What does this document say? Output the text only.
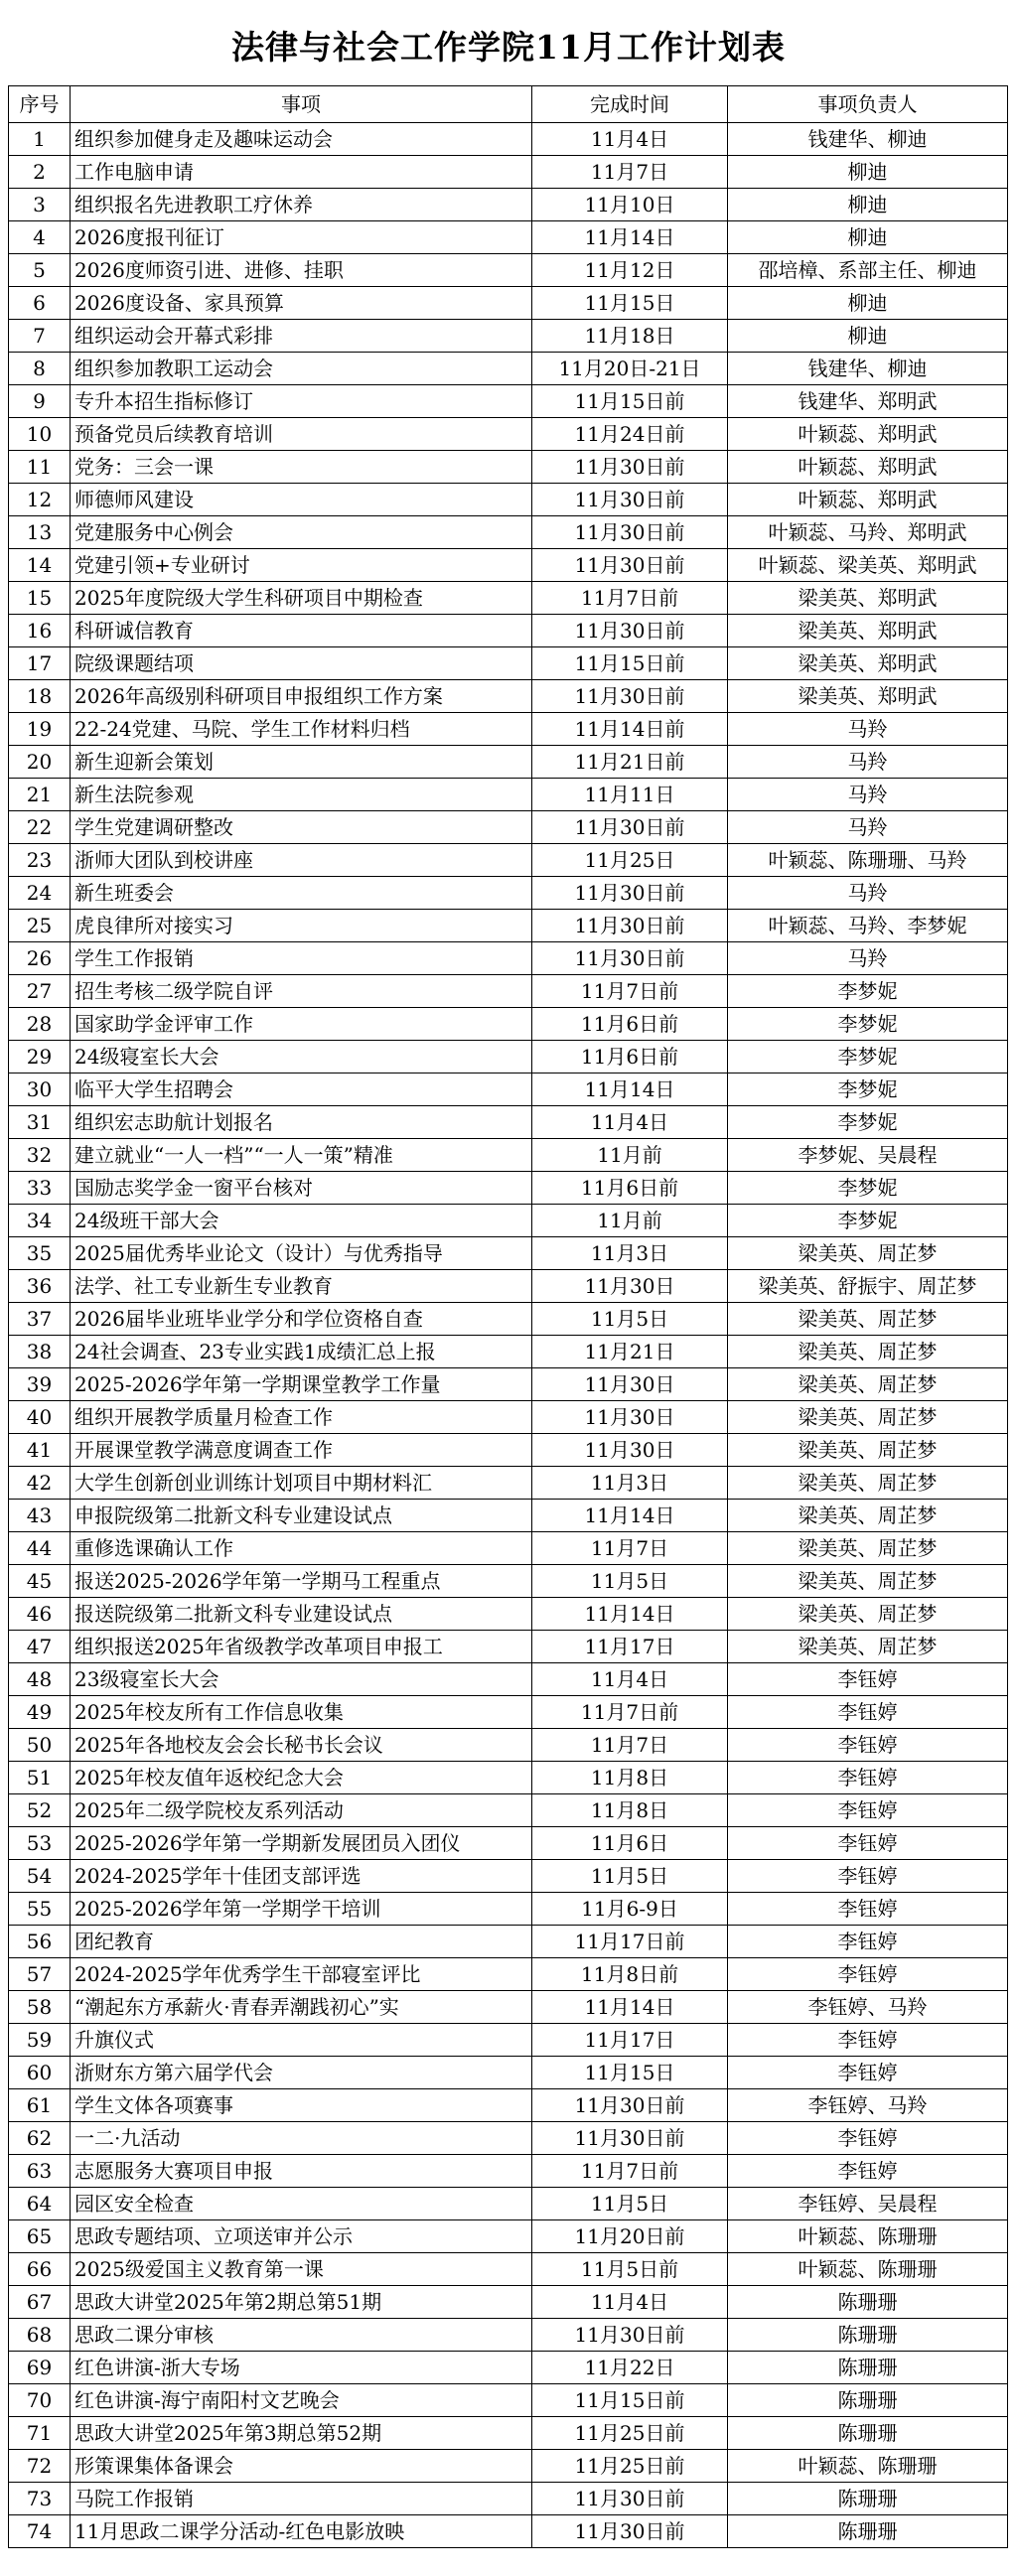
法律与社会工作学院11月工作计划表
序号	事项	完成时间	事项负责人
1	组织参加健身走及趣味运动会	11月4日	钱建华、柳迪
2	工作电脑申请	11月7日	柳迪
3	组织报名先进教职工疗休养	11月10日	柳迪
4	2026度报刊征订	11月14日	柳迪
5	2026度师资引进、进修、挂职	11月12日	邵培樟、系部主任、柳迪
6	2026度设备、家具预算	11月15日	柳迪
7	组织运动会开幕式彩排	11月18日	柳迪
8	组织参加教职工运动会	11月20日-21日	钱建华、柳迪
9	专升本招生指标修订	11月15日前	钱建华、郑明武
10	预备党员后续教育培训	11月24日前	叶颖蕊、郑明武
11	党务：三会一课	11月30日前	叶颖蕊、郑明武
12	师德师风建设	11月30日前	叶颖蕊、郑明武
13	党建服务中心例会	11月30日前	叶颖蕊、马羚、郑明武
14	党建引领+专业研讨	11月30日前	叶颖蕊、梁美英、郑明武
15	2025年度院级大学生科研项目中期检查	11月7日前	梁美英、郑明武
16	科研诚信教育	11月30日前	梁美英、郑明武
17	院级课题结项	11月15日前	梁美英、郑明武
18	2026年高级别科研项目申报组织工作方案	11月30日前	梁美英、郑明武
19	22-24党建、马院、学生工作材料归档	11月14日前	马羚
20	新生迎新会策划	11月21日前	马羚
21	新生法院参观	11月11日	马羚
22	学生党建调研整改	11月30日前	马羚
23	浙师大团队到校讲座	11月25日	叶颖蕊、陈珊珊、马羚
24	新生班委会	11月30日前	马羚
25	虎良律所对接实习	11月30日前	叶颖蕊、马羚、李梦妮
26	学生工作报销	11月30日前	马羚
27	招生考核二级学院自评	11月7日前	李梦妮
28	国家助学金评审工作	11月6日前	李梦妮
29	24级寝室长大会	11月6日前	李梦妮
30	临平大学生招聘会	11月14日	李梦妮
31	组织宏志助航计划报名	11月4日	李梦妮
32	建立就业“一人一档”“一人一策”精准	11月前	李梦妮、吴晨程
33	国励志奖学金一窗平台核对	11月6日前	李梦妮
34	24级班干部大会	11月前	李梦妮
35	2025届优秀毕业论文（设计）与优秀指导	11月3日	梁美英、周芷梦
36	法学、社工专业新生专业教育	11月30日	梁美英、舒振宇、周芷梦
37	2026届毕业班毕业学分和学位资格自查	11月5日	梁美英、周芷梦
38	24社会调查、23专业实践1成绩汇总上报	11月21日	梁美英、周芷梦
39	2025-2026学年第一学期课堂教学工作量	11月30日	梁美英、周芷梦
40	组织开展教学质量月检查工作	11月30日	梁美英、周芷梦
41	开展课堂教学满意度调查工作	11月30日	梁美英、周芷梦
42	大学生创新创业训练计划项目中期材料汇	11月3日	梁美英、周芷梦
43	申报院级第二批新文科专业建设试点	11月14日	梁美英、周芷梦
44	重修选课确认工作	11月7日	梁美英、周芷梦
45	报送2025-2026学年第一学期马工程重点	11月5日	梁美英、周芷梦
46	报送院级第二批新文科专业建设试点	11月14日	梁美英、周芷梦
47	组织报送2025年省级教学改革项目申报工	11月17日	梁美英、周芷梦
48	23级寝室长大会	11月4日	李钰婷
49	2025年校友所有工作信息收集	11月7日前	李钰婷
50	2025年各地校友会会长秘书长会议	11月7日	李钰婷
51	2025年校友值年返校纪念大会	11月8日	李钰婷
52	2025年二级学院校友系列活动	11月8日	李钰婷
53	2025-2026学年第一学期新发展团员入团仪	11月6日	李钰婷
54	2024-2025学年十佳团支部评选	11月5日	李钰婷
55	2025-2026学年第一学期学干培训	11月6-9日	李钰婷
56	团纪教育	11月17日前	李钰婷
57	2024-2025学年优秀学生干部寝室评比	11月8日前	李钰婷
58	“潮起东方承薪火·青春弄潮践初心”实	11月14日	李钰婷、马羚
59	升旗仪式	11月17日	李钰婷
60	浙财东方第六届学代会	11月15日	李钰婷
61	学生文体各项赛事	11月30日前	李钰婷、马羚
62	一二·九活动	11月30日前	李钰婷
63	志愿服务大赛项目申报	11月7日前	李钰婷
64	园区安全检查	11月5日	李钰婷、吴晨程
65	思政专题结项、立项送审并公示	11月20日前	叶颖蕊、陈珊珊
66	2025级爱国主义教育第一课	11月5日前	叶颖蕊、陈珊珊
67	思政大讲堂2025年第2期总第51期	11月4日	陈珊珊
68	思政二课分审核	11月30日前	陈珊珊
69	红色讲演-浙大专场	11月22日	陈珊珊
70	红色讲演-海宁南阳村文艺晚会	11月15日前	陈珊珊
71	思政大讲堂2025年第3期总第52期	11月25日前	陈珊珊
72	形策课集体备课会	11月25日前	叶颖蕊、陈珊珊
73	马院工作报销	11月30日前	陈珊珊
74	11月思政二课学分活动-红色电影放映	11月30日前	陈珊珊
